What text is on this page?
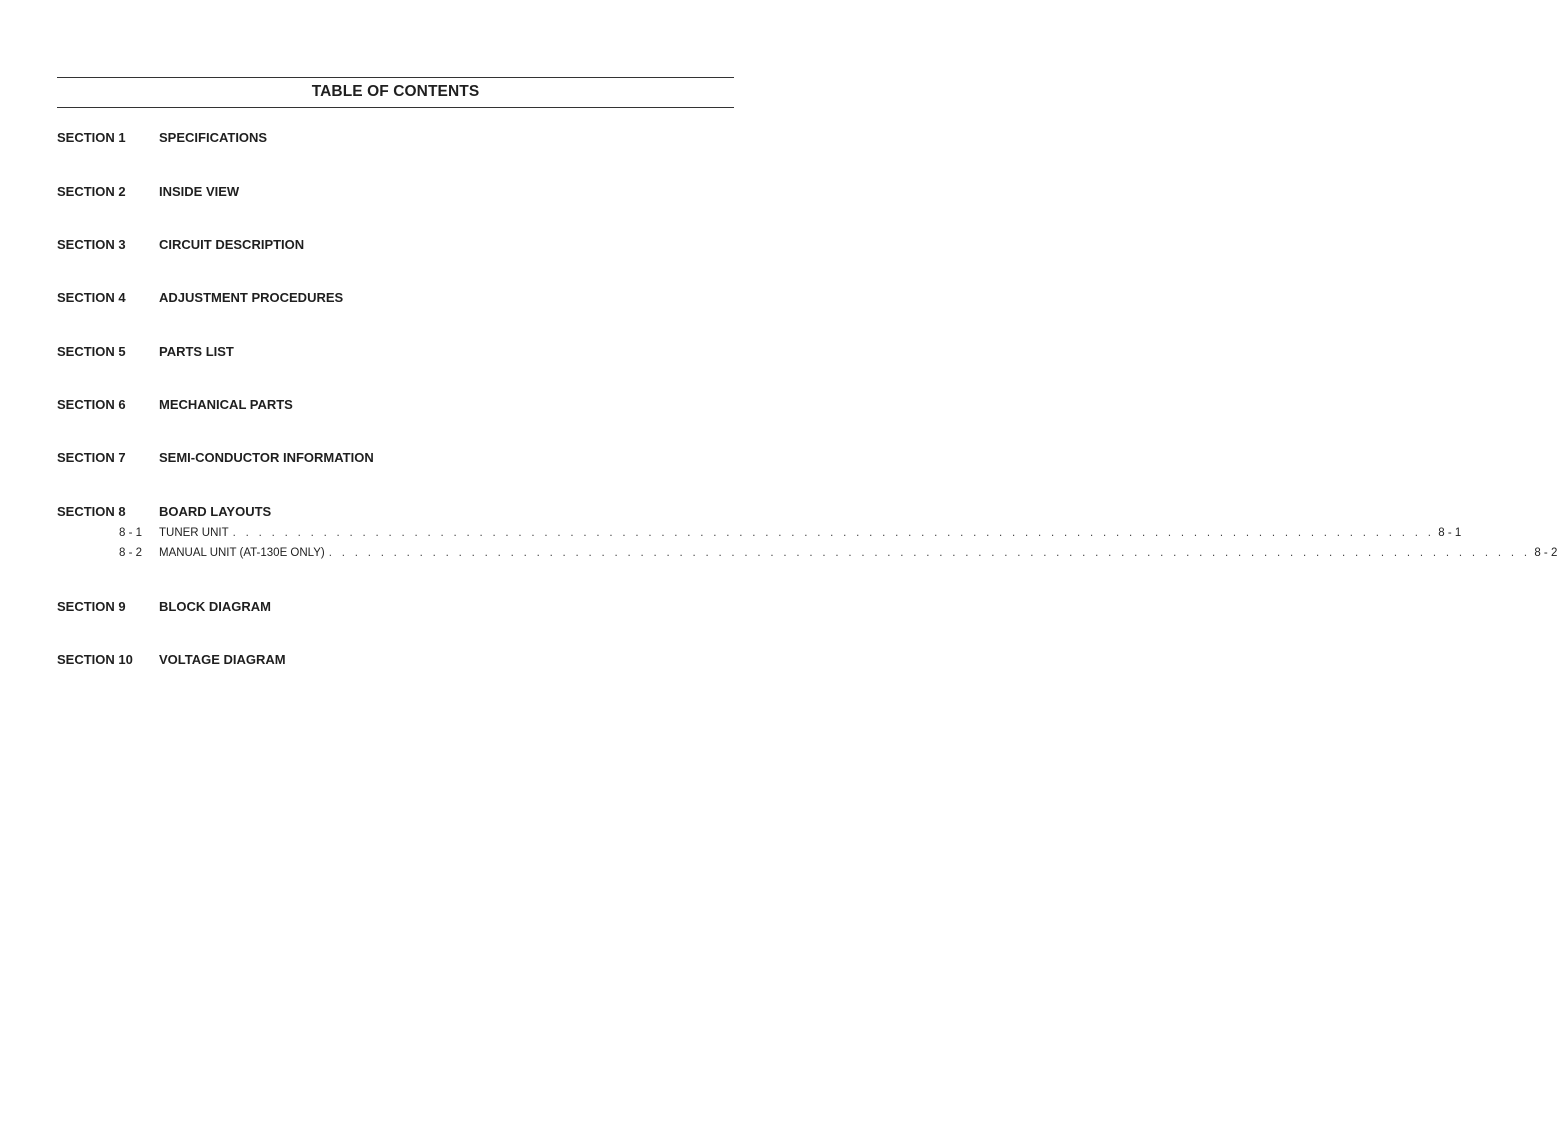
TABLE OF CONTENTS
SECTION 1	SPECIFICATIONS
SECTION 2	INSIDE VIEW
SECTION 3	CIRCUIT DESCRIPTION
SECTION 4	ADJUSTMENT PROCEDURES
SECTION 5	PARTS LIST
SECTION 6	MECHANICAL PARTS
SECTION 7	SEMI-CONDUCTOR INFORMATION
SECTION 8	BOARD LAYOUTS
8 - 1 TUNER UNIT . . . . . . . . . . . . . . . . . . . . . . . . . . . . . . . . . . . . . . . . . . . . . . . . . . . . . . . . . . . . . . . . . . . . . . . . . . . . . . . . . . . . . . . . . . . . . 8 - 1
8 - 2 MANUAL UNIT (AT-130E ONLY) . . . . . . . . . . . . . . . . . . . . . . . . . . . . . . . . . . . . . . . . . . . . . . . . . . . . . . . . . . . . . . . . . . . . . . . . . . . . . . . . . . . . . . . . . . . . . 8 - 2
SECTION 9	BLOCK DIAGRAM
SECTION 10 VOLTAGE DIAGRAM
